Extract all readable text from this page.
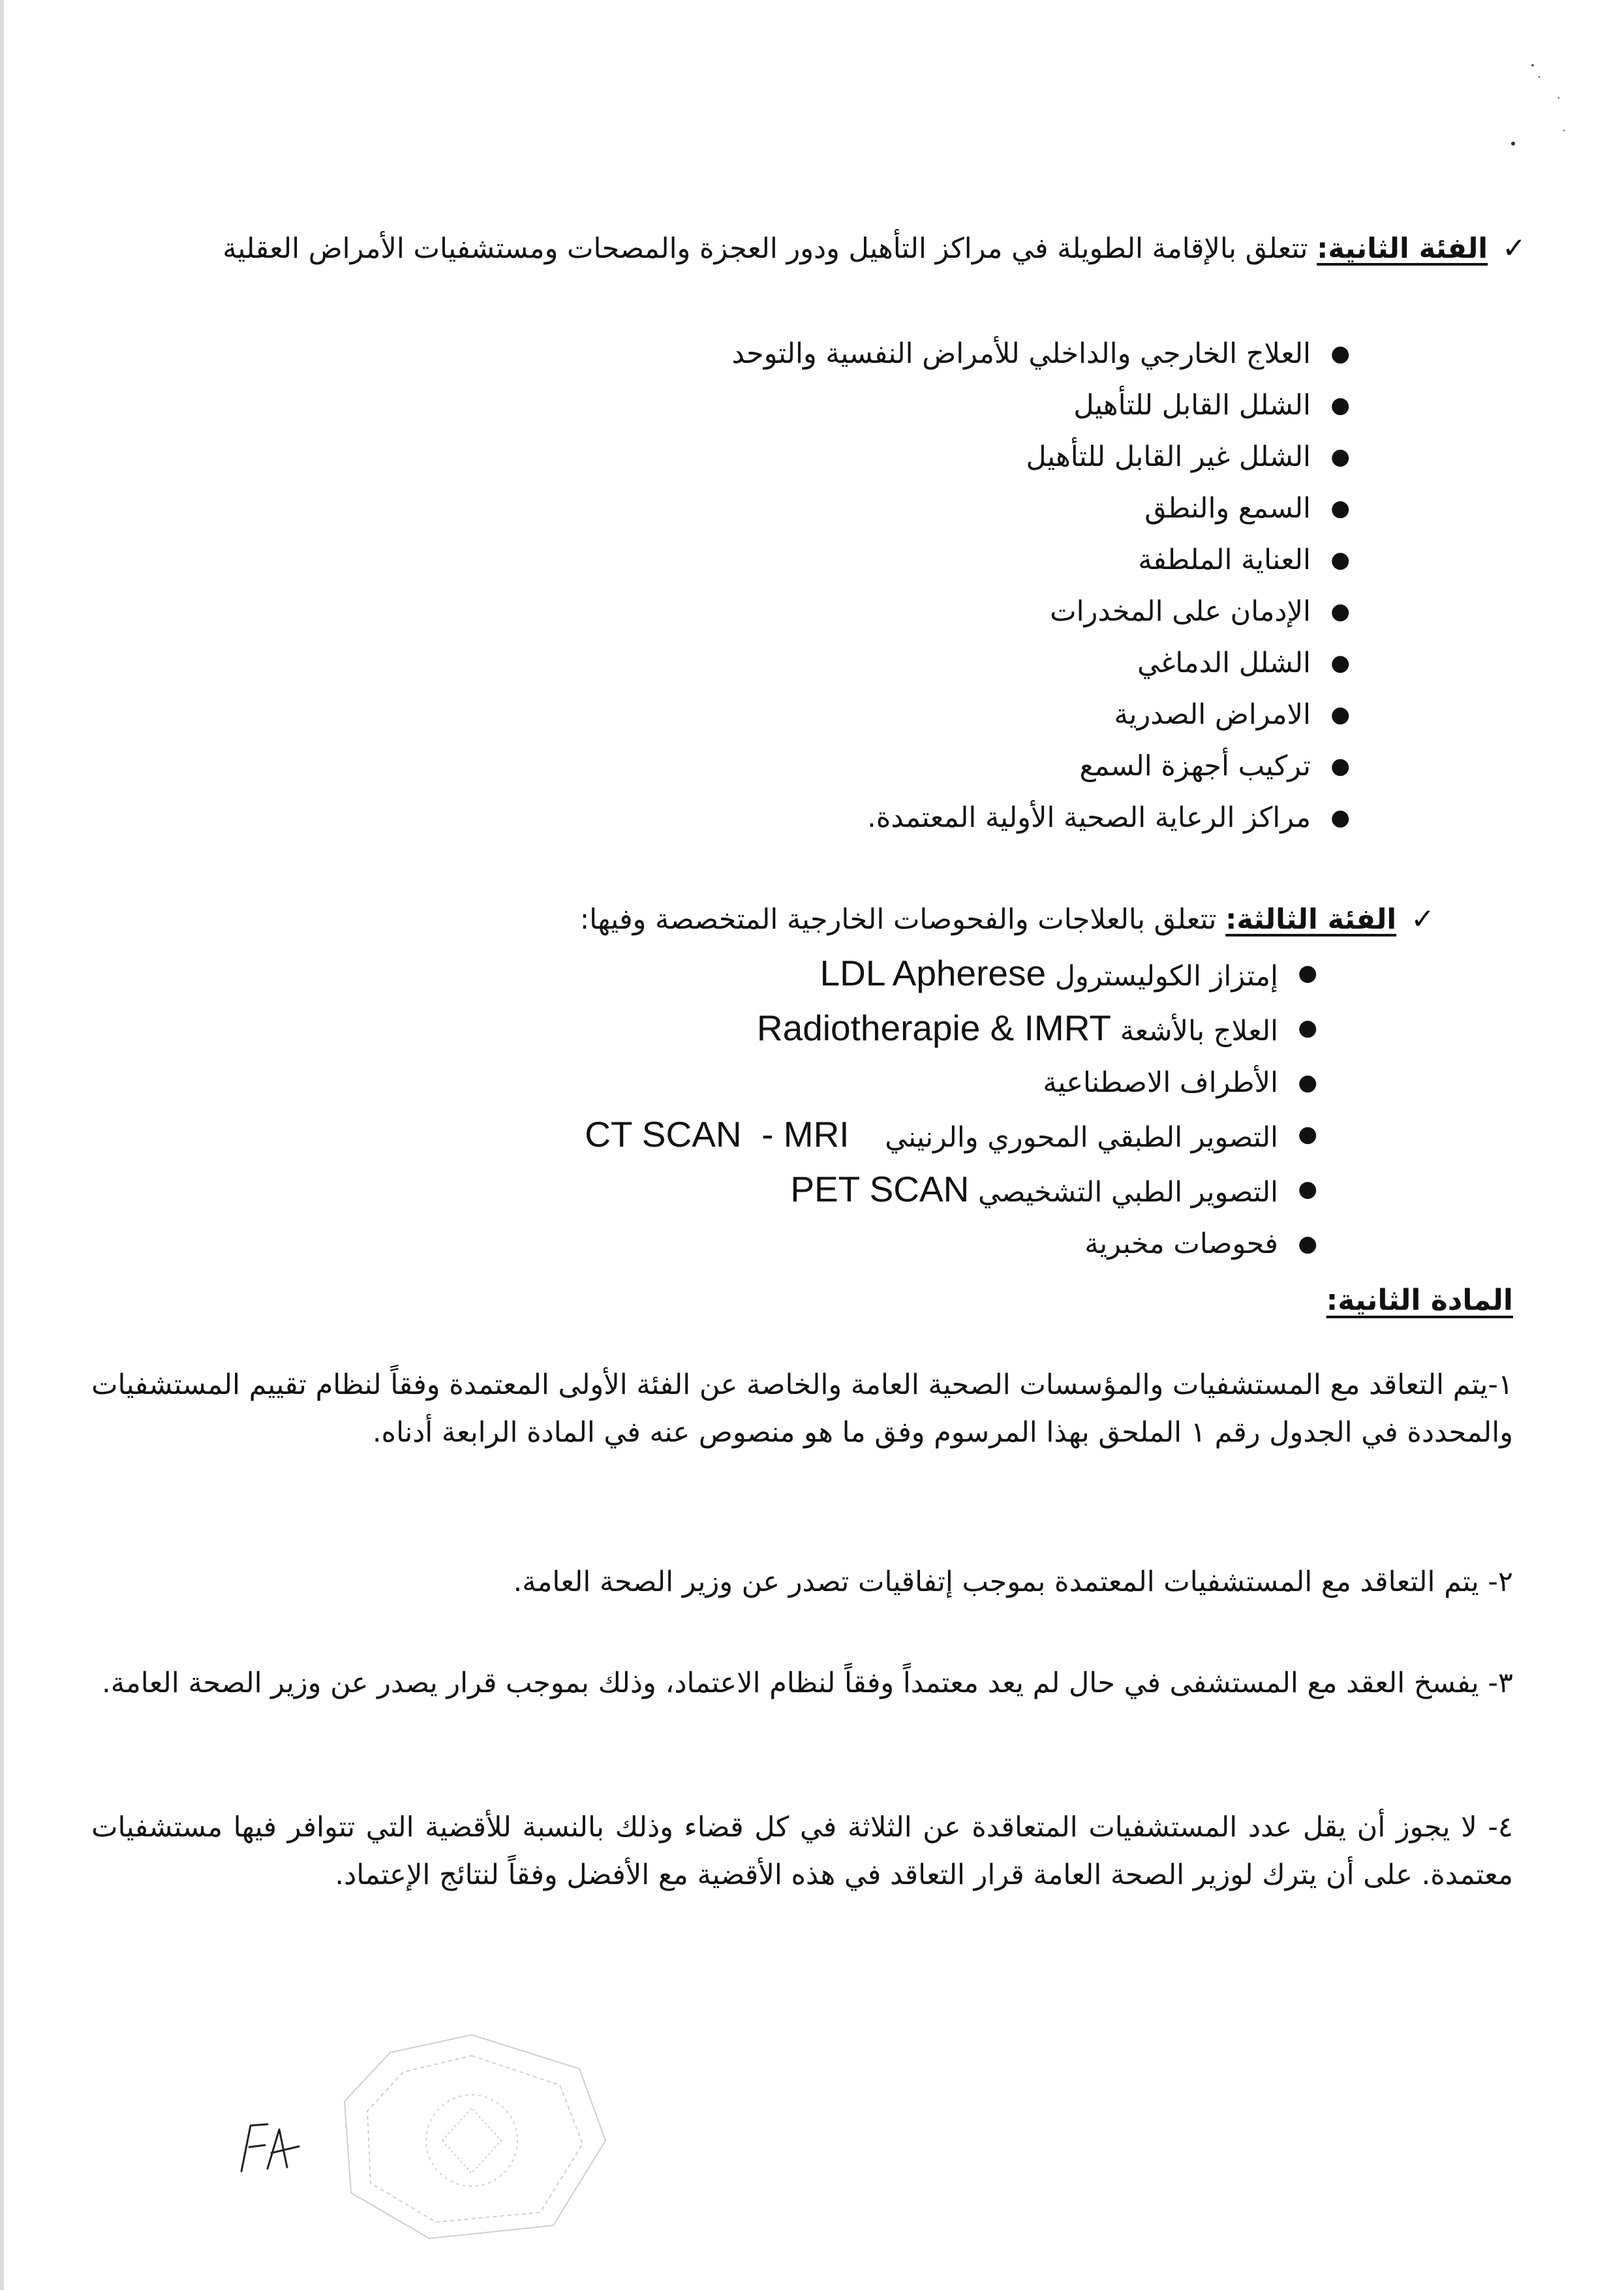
✓الفئة الثانية: تتعلق بالإقامة الطويلة في مراكز التأهيل ودور العجزة والمصحات ومستشفيات الأمراض العقلية
●
العلاج الخارجي والداخلي للأمراض النفسية والتوحد
●
الشلل القابل للتأهيل
●
الشلل غير القابل للتأهيل
●
السمع والنطق
●
العناية الملطفة
●
الإدمان على المخدرات
●
الشلل الدماغي
●
الامراض الصدرية
●
تركيب أجهزة السمع
●
مراكز الرعاية الصحية الأولية المعتمدة.
✓الفئة الثالثة: تتعلق بالعلاجات والفحوصات الخارجية المتخصصة وفيها:
●
إمتزاز الكوليسترول LDL Apherese
●
العلاج بالأشعة Radiotherapie & IMRT
●
الأطراف الاصطناعية
●
التصوير الطبقي المحوري والرنيني    CT SCAN  - MRI
●
التصوير الطبي التشخيصي PET SCAN
●
فحوصات مخبرية
المادة الثانية:
١-يتم التعاقد مع المستشفيات والمؤسسات الصحية العامة والخاصة عن الفئة الأولى المعتمدة وفقاً لنظام تقييم المستشفيات والمحددة في الجدول رقم ١ الملحق بهذا المرسوم وفق ما هو منصوص عنه في المادة الرابعة أدناه.
٢- يتم التعاقد مع المستشفيات المعتمدة بموجب إتفاقيات تصدر عن وزير الصحة العامة.
٣- يفسخ العقد مع المستشفى في حال لم يعد معتمداً وفقاً لنظام الاعتماد، وذلك بموجب قرار يصدر عن وزير الصحة العامة.
٤- لا يجوز أن يقل عدد المستشفيات المتعاقدة عن الثلاثة في كل قضاء وذلك بالنسبة للأقضية التي تتوافر فيها مستشفيات معتمدة. على أن يترك لوزير الصحة العامة قرار التعاقد في هذه الأقضية مع الأفضل وفقاً لنتائج الإعتماد.
